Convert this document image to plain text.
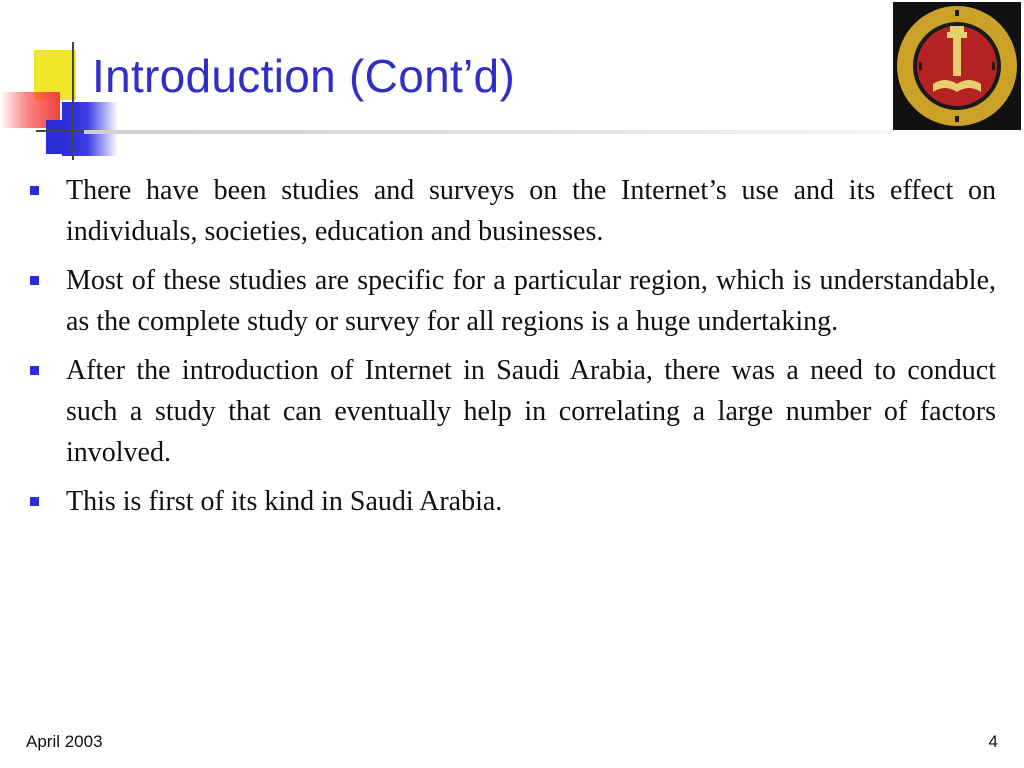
Introduction (Cont’d)
There have been studies and surveys on the Internet’s use and its effect on individuals, societies, education and businesses.
Most of these studies are specific for a particular region, which is understandable, as the complete study or survey for all regions is a huge undertaking.
After the introduction of Internet in Saudi Arabia, there was a need to conduct such a study that can eventually help in correlating a large number of factors involved.
This is first of its kind in Saudi Arabia.
April 2003	4
